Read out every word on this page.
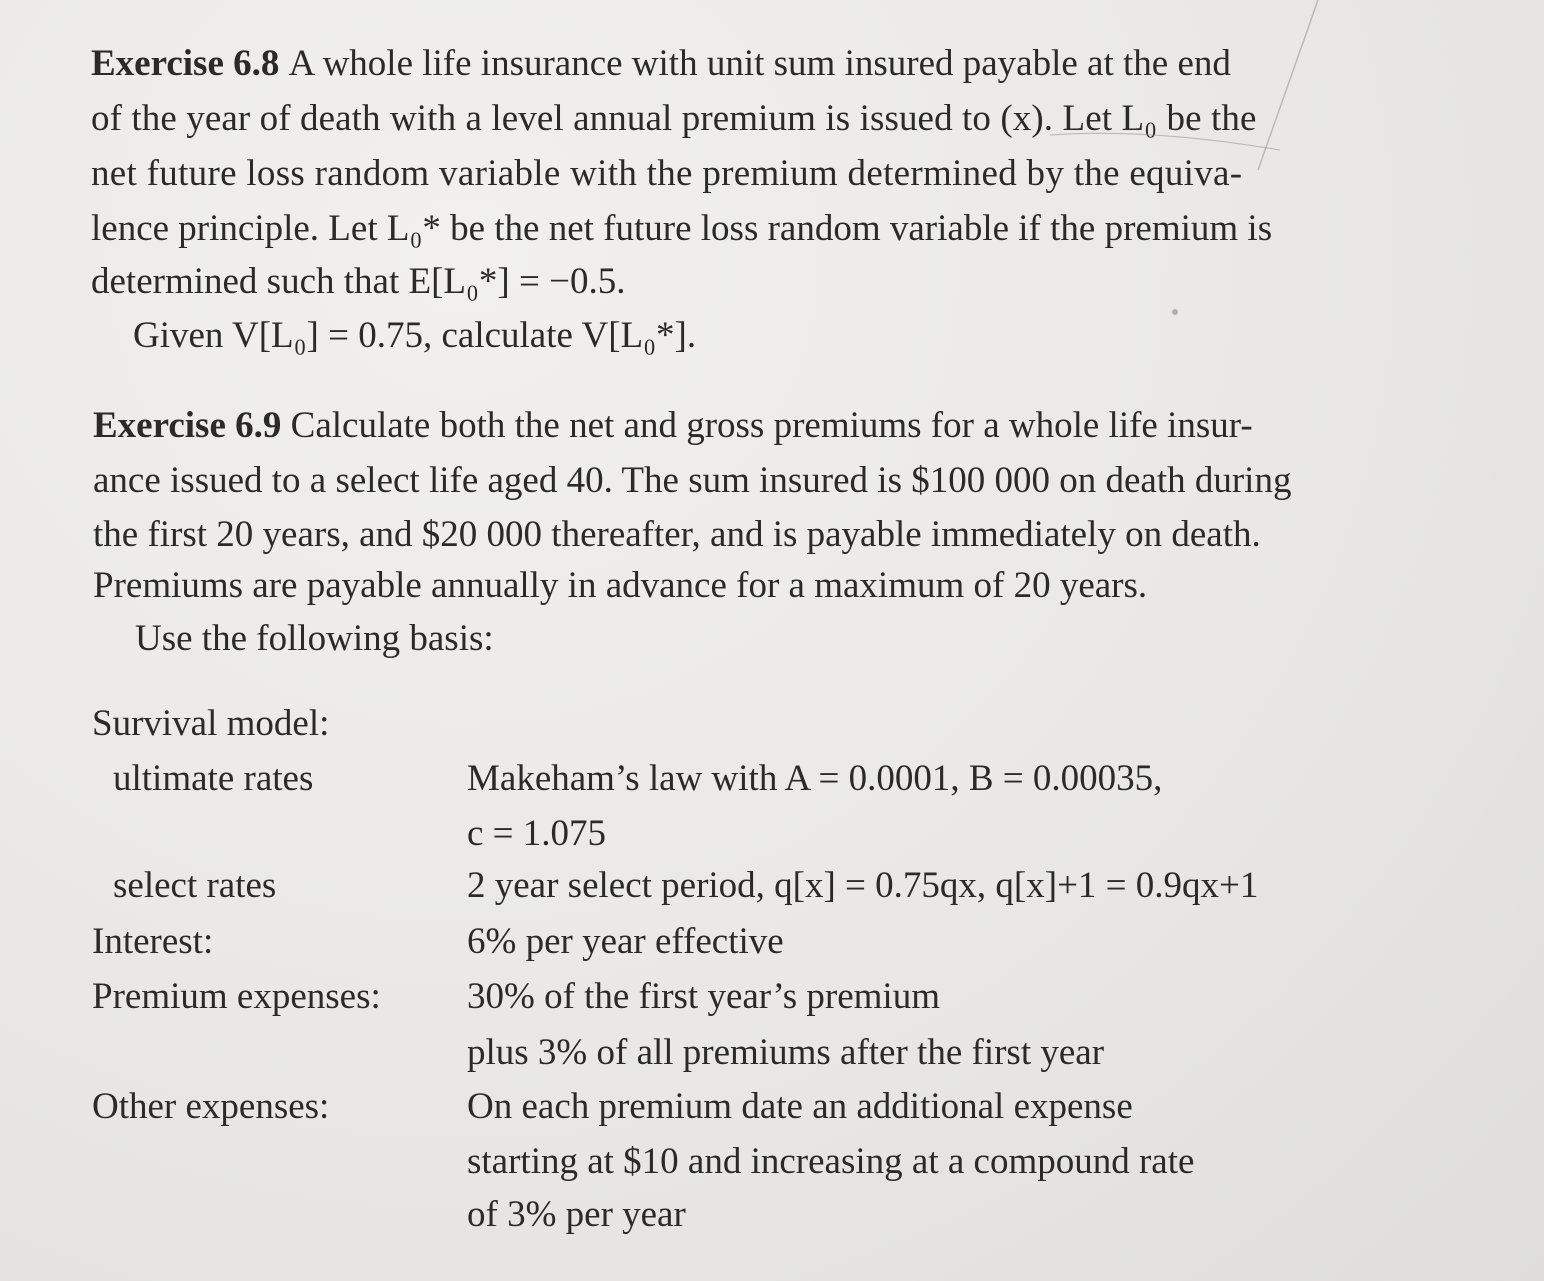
Exercise 6.8 A whole life insurance with unit sum insured payable at the end
of the year of death with a level annual premium is issued to (x). Let L₀ be the
net future loss random variable with the premium determined by the equiva-
lence principle. Let L₀* be the net future loss random variable if the premium is
determined such that E[L₀*] = −0.5.
Given V[L₀] = 0.75, calculate V[L₀*].
Exercise 6.9 Calculate both the net and gross premiums for a whole life insur-
ance issued to a select life aged 40. The sum insured is $100 000 on death during
the first 20 years, and $20 000 thereafter, and is payable immediately on death.
Premiums are payable annually in advance for a maximum of 20 years.
Use the following basis:
Survival model:
ultimate rates	Makeham’s law with A = 0.0001, B = 0.00035,
c = 1.075
select rates	2 year select period, q[x] = 0.75qx, q[x]+1 = 0.9qx+1
Interest:	6% per year effective
Premium expenses: 30% of the first year’s premium
plus 3% of all premiums after the first year
Other expenses:	On each premium date an additional expense
starting at $10 and increasing at a compound rate
of 3% per year
